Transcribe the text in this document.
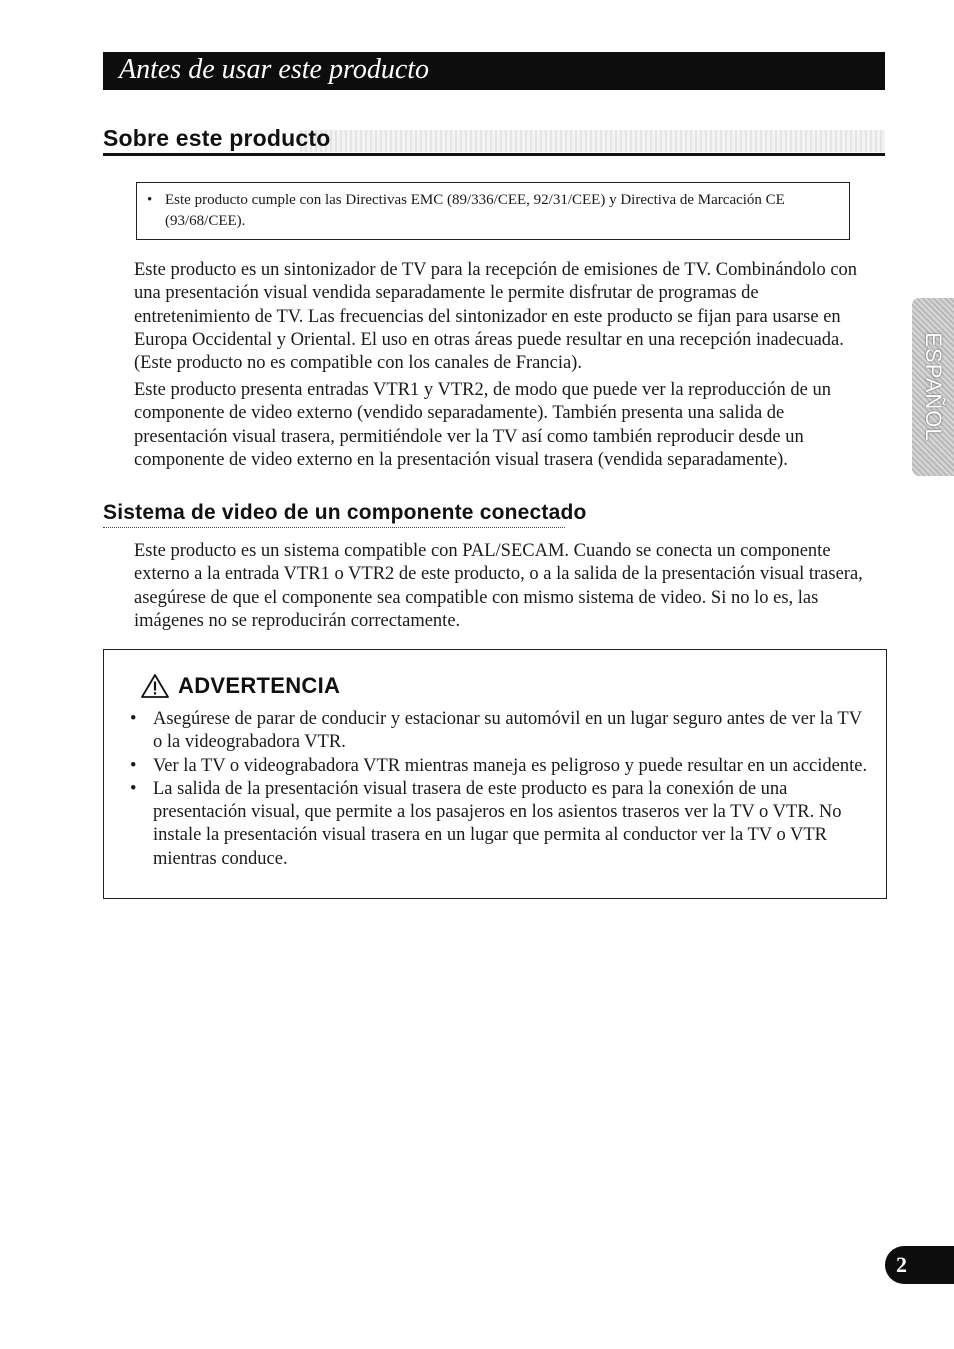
Antes de usar este producto
Sobre este producto
• Este producto cumple con las Directivas EMC (89/336/CEE, 92/31/CEE) y Directiva de Marcación CE (93/68/CEE).

Este producto es un sintonizador de TV para la recepción de emisiones de TV. Combinándolo con una presentación visual vendida separadamente le permite disfrutar de programas de entretenimiento de TV. Las frecuencias del sintonizador en este producto se fijan para usarse en Europa Occidental y Oriental. El uso en otras áreas puede resultar en una recepción inadecuada. (Este producto no es compatible con los canales de Francia).

Este producto presenta entradas VTR1 y VTR2, de modo que puede ver la reproducción de un componente de video externo (vendido separadamente). También presenta una salida de presentación visual trasera, permitiéndole ver la TV así como también reproducir desde un componente de video externo en la presentación visual trasera (vendida separadamente).

Sistema de video de un componente conectado

Este producto es un sistema compatible con PAL/SECAM. Cuando se conecta un componente externo a la entrada VTR1 o VTR2 de este producto, o a la salida de la presentación visual trasera, asegúrese de que el componente sea compatible con mismo sistema de video. Si no lo es, las imágenes no se reproducirán correctamente.

ADVERTENCIA
• Asegúrese de parar de conducir y estacionar su automóvil en un lugar seguro antes de ver la TV o la videograbadora VTR.
• Ver la TV o videograbadora VTR mientras maneja es peligroso y puede resultar en un accidente.
• La salida de la presentación visual trasera de este producto es para la conexión de una presentación visual, que permite a los pasajeros en los asientos traseros ver la TV o VTR. No instale la presentación visual trasera en un lugar que permita al conductor ver la TV o VTR mientras conduce.
ESPAÑOL
2
